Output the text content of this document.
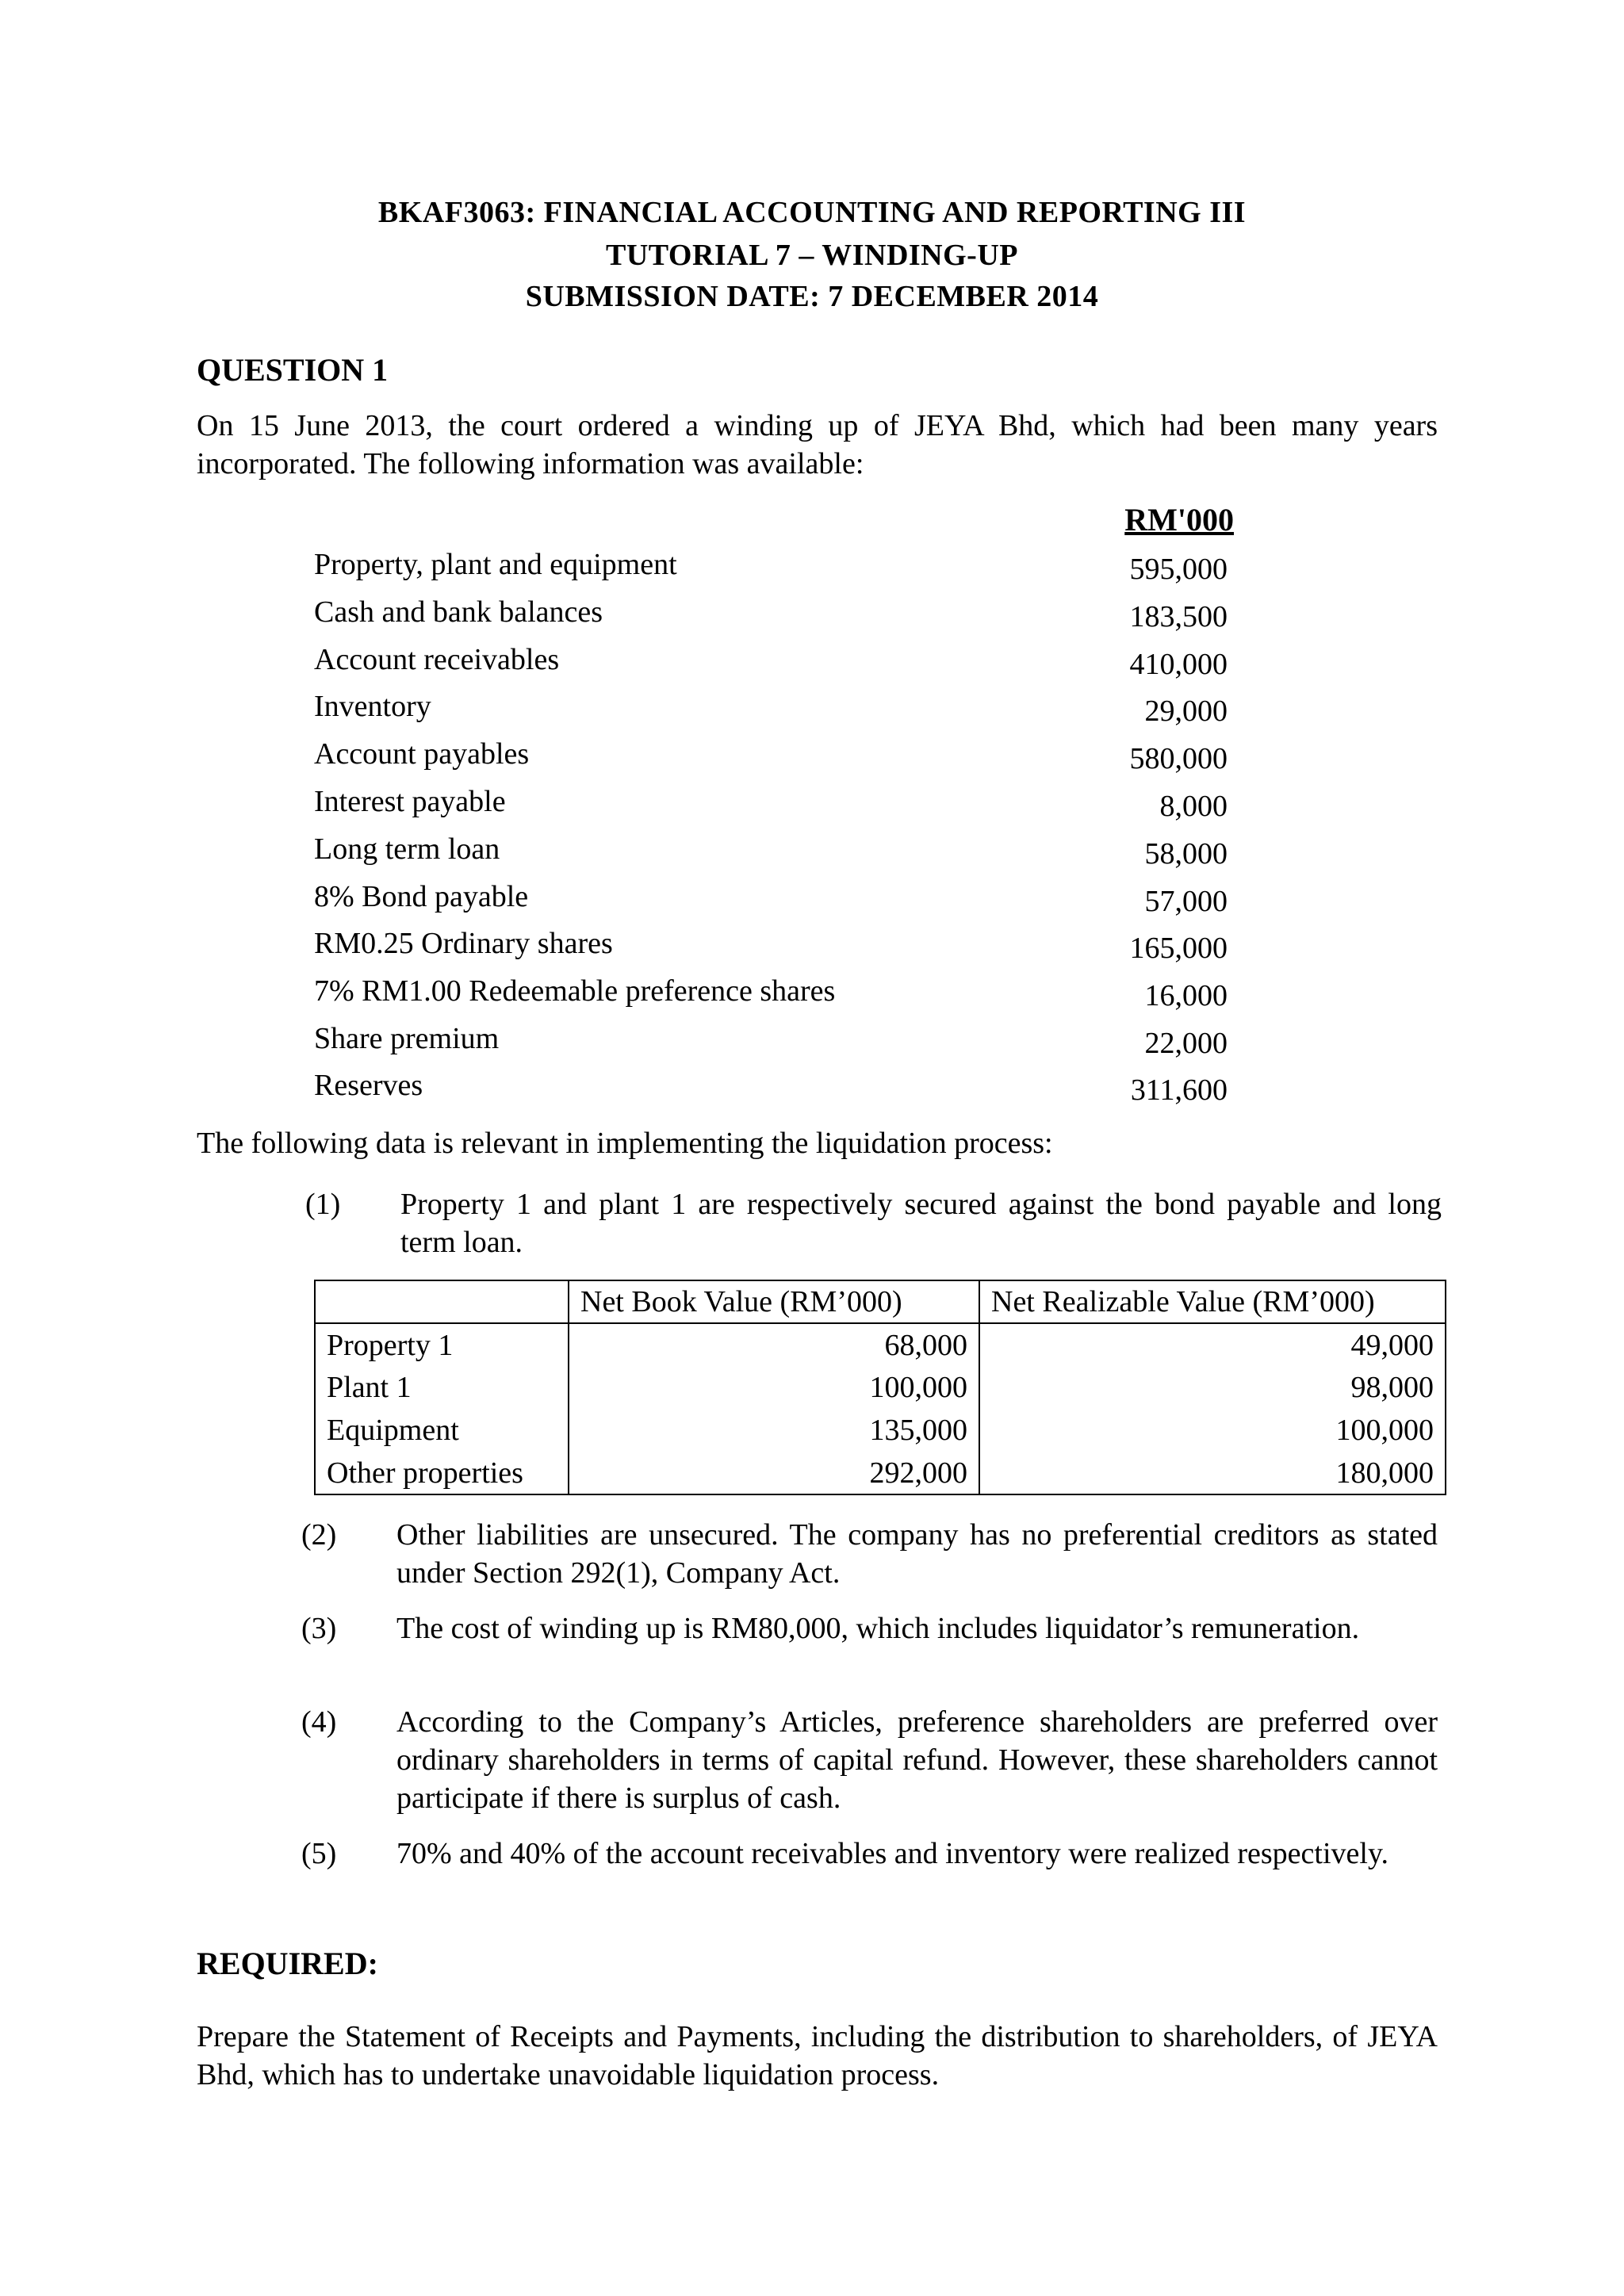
BKAF3063: FINANCIAL ACCOUNTING AND REPORTING III
TUTORIAL 7 – WINDING-UP
SUBMISSION DATE: 7 DECEMBER 2014
QUESTION 1
On 15 June 2013, the court ordered a winding up of JEYA Bhd, which had been many years incorporated. The following information was available:
RM'000
Property, plant and equipment	595,000
Cash and bank balances	183,500
Account receivables	410,000
Inventory	29,000
Account payables	580,000
Interest payable	8,000
Long term loan	58,000
8% Bond payable	57,000
RM0.25 Ordinary shares	165,000
7% RM1.00 Redeemable preference shares	16,000
Share premium	22,000
Reserves	311,600
The following data is relevant in implementing the liquidation process:
(1) Property 1 and plant 1 are respectively secured against the bond payable and long term loan.
	Net Book Value (RM’000)	Net Realizable Value (RM’000)
Property 1	68,000	49,000
Plant 1	100,000	98,000
Equipment	135,000	100,000
Other properties	292,000	180,000
(2) Other liabilities are unsecured. The company has no preferential creditors as stated under Section 292(1), Company Act.
(3) The cost of winding up is RM80,000, which includes liquidator’s remuneration.
(4) According to the Company’s Articles, preference shareholders are preferred over ordinary shareholders in terms of capital refund. However, these shareholders cannot participate if there is surplus of cash.
(5) 70% and 40% of the account receivables and inventory were realized respectively.
REQUIRED:
Prepare the Statement of Receipts and Payments, including the distribution to shareholders, of JEYA Bhd, which has to undertake unavoidable liquidation process.
